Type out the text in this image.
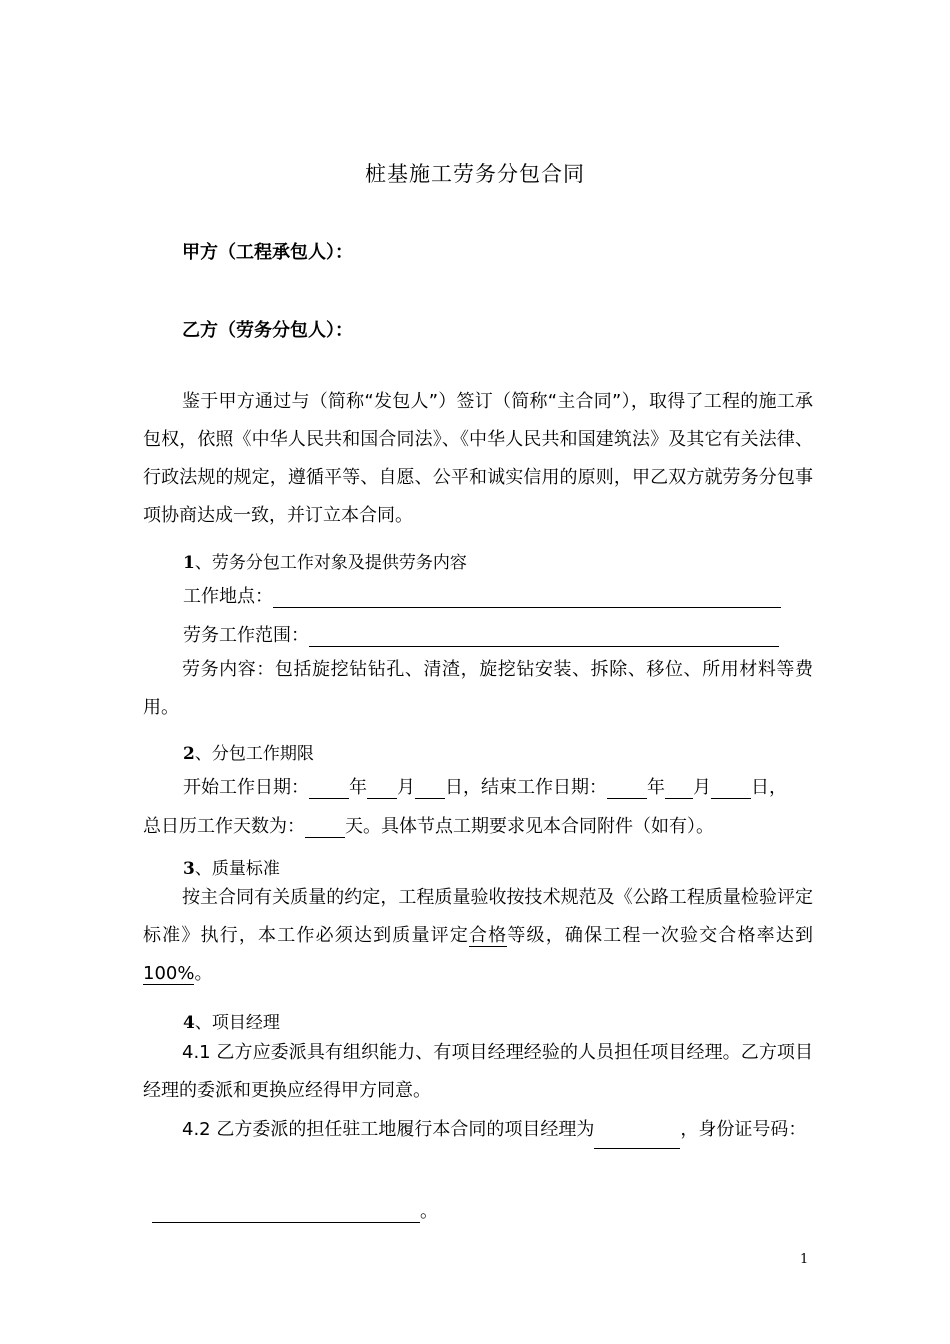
桩基施工劳务分包合同
甲方（工程承包人）：
乙方（劳务分包人）：
鉴于甲方通过与（简称“发包人”）签订（简称“主合同”），取得了工程的施工承包权，依照《中华人民共和国合同法》、《中华人民共和国建筑法》及其它有关法律、行政法规的规定，遵循平等、自愿、公平和诚实信用的原则，甲乙双方就劳务分包事项协商达成一致，并订立本合同。
1、劳务分包工作对象及提供劳务内容
工作地点：
劳务工作范围：
劳务内容：包括旋挖钻钻孔、清渣，旋挖钻安装、拆除、移位、所用材料等费用。
2、分包工作期限
开始工作日期： 年 月 日，结束工作日期： 年 月 日，
总日历工作天数为： 天。具体节点工期要求见本合同附件（如有）。
3、质量标准
按主合同有关质量的约定，工程质量验收按技术规范及《公路工程质量检验评定标准》执行，本工作必须达到质量评定合格等级，确保工程一次验交合格率达到100%。
4、项目经理
4.1 乙方应委派具有组织能力、有项目经理经验的人员担任项目经理。乙方项目经理的委派和更换应经得甲方同意。
4.2 乙方委派的担任驻工地履行本合同的项目经理为	，身份证号码：
。
1
